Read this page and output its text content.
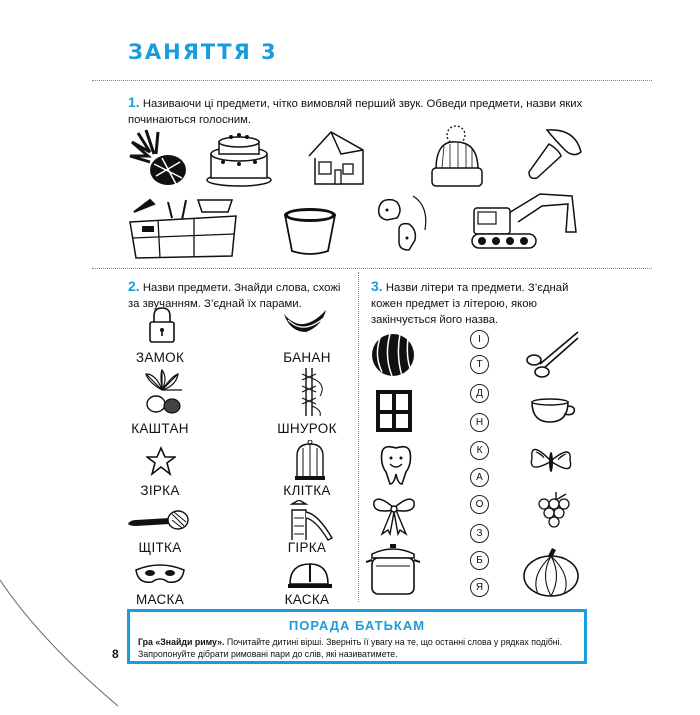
ЗАНЯТТЯ 3
1. Називаючи ці предмети, чітко вимовляй перший звук. Обведи предмети, назви яких починаються голосним.
2. Назви предмети. Знайди слова, схожі за звучанням. З’єднай їх парами.
ЗАМОК
КАШТАН
ЗІРКА
ЩІТКА
МАСКА
БАНАН
ШНУРОК
КЛІТКА
ГІРКА
КАСКА
3. Назви літери та предмети. З’єднай кожен предмет із літерою, якою закінчується його назва.
І
Т
Д
Н
К
А
О
З
Б
Я
ПОРАДА БАТЬКАМ
Гра «Знайди риму». Почитайте дитині вірші. Зверніть її увагу на те, що останні слова у рядках подібні. Запропонуйте дібрати римовані пари до слів, які називатимете.
8
